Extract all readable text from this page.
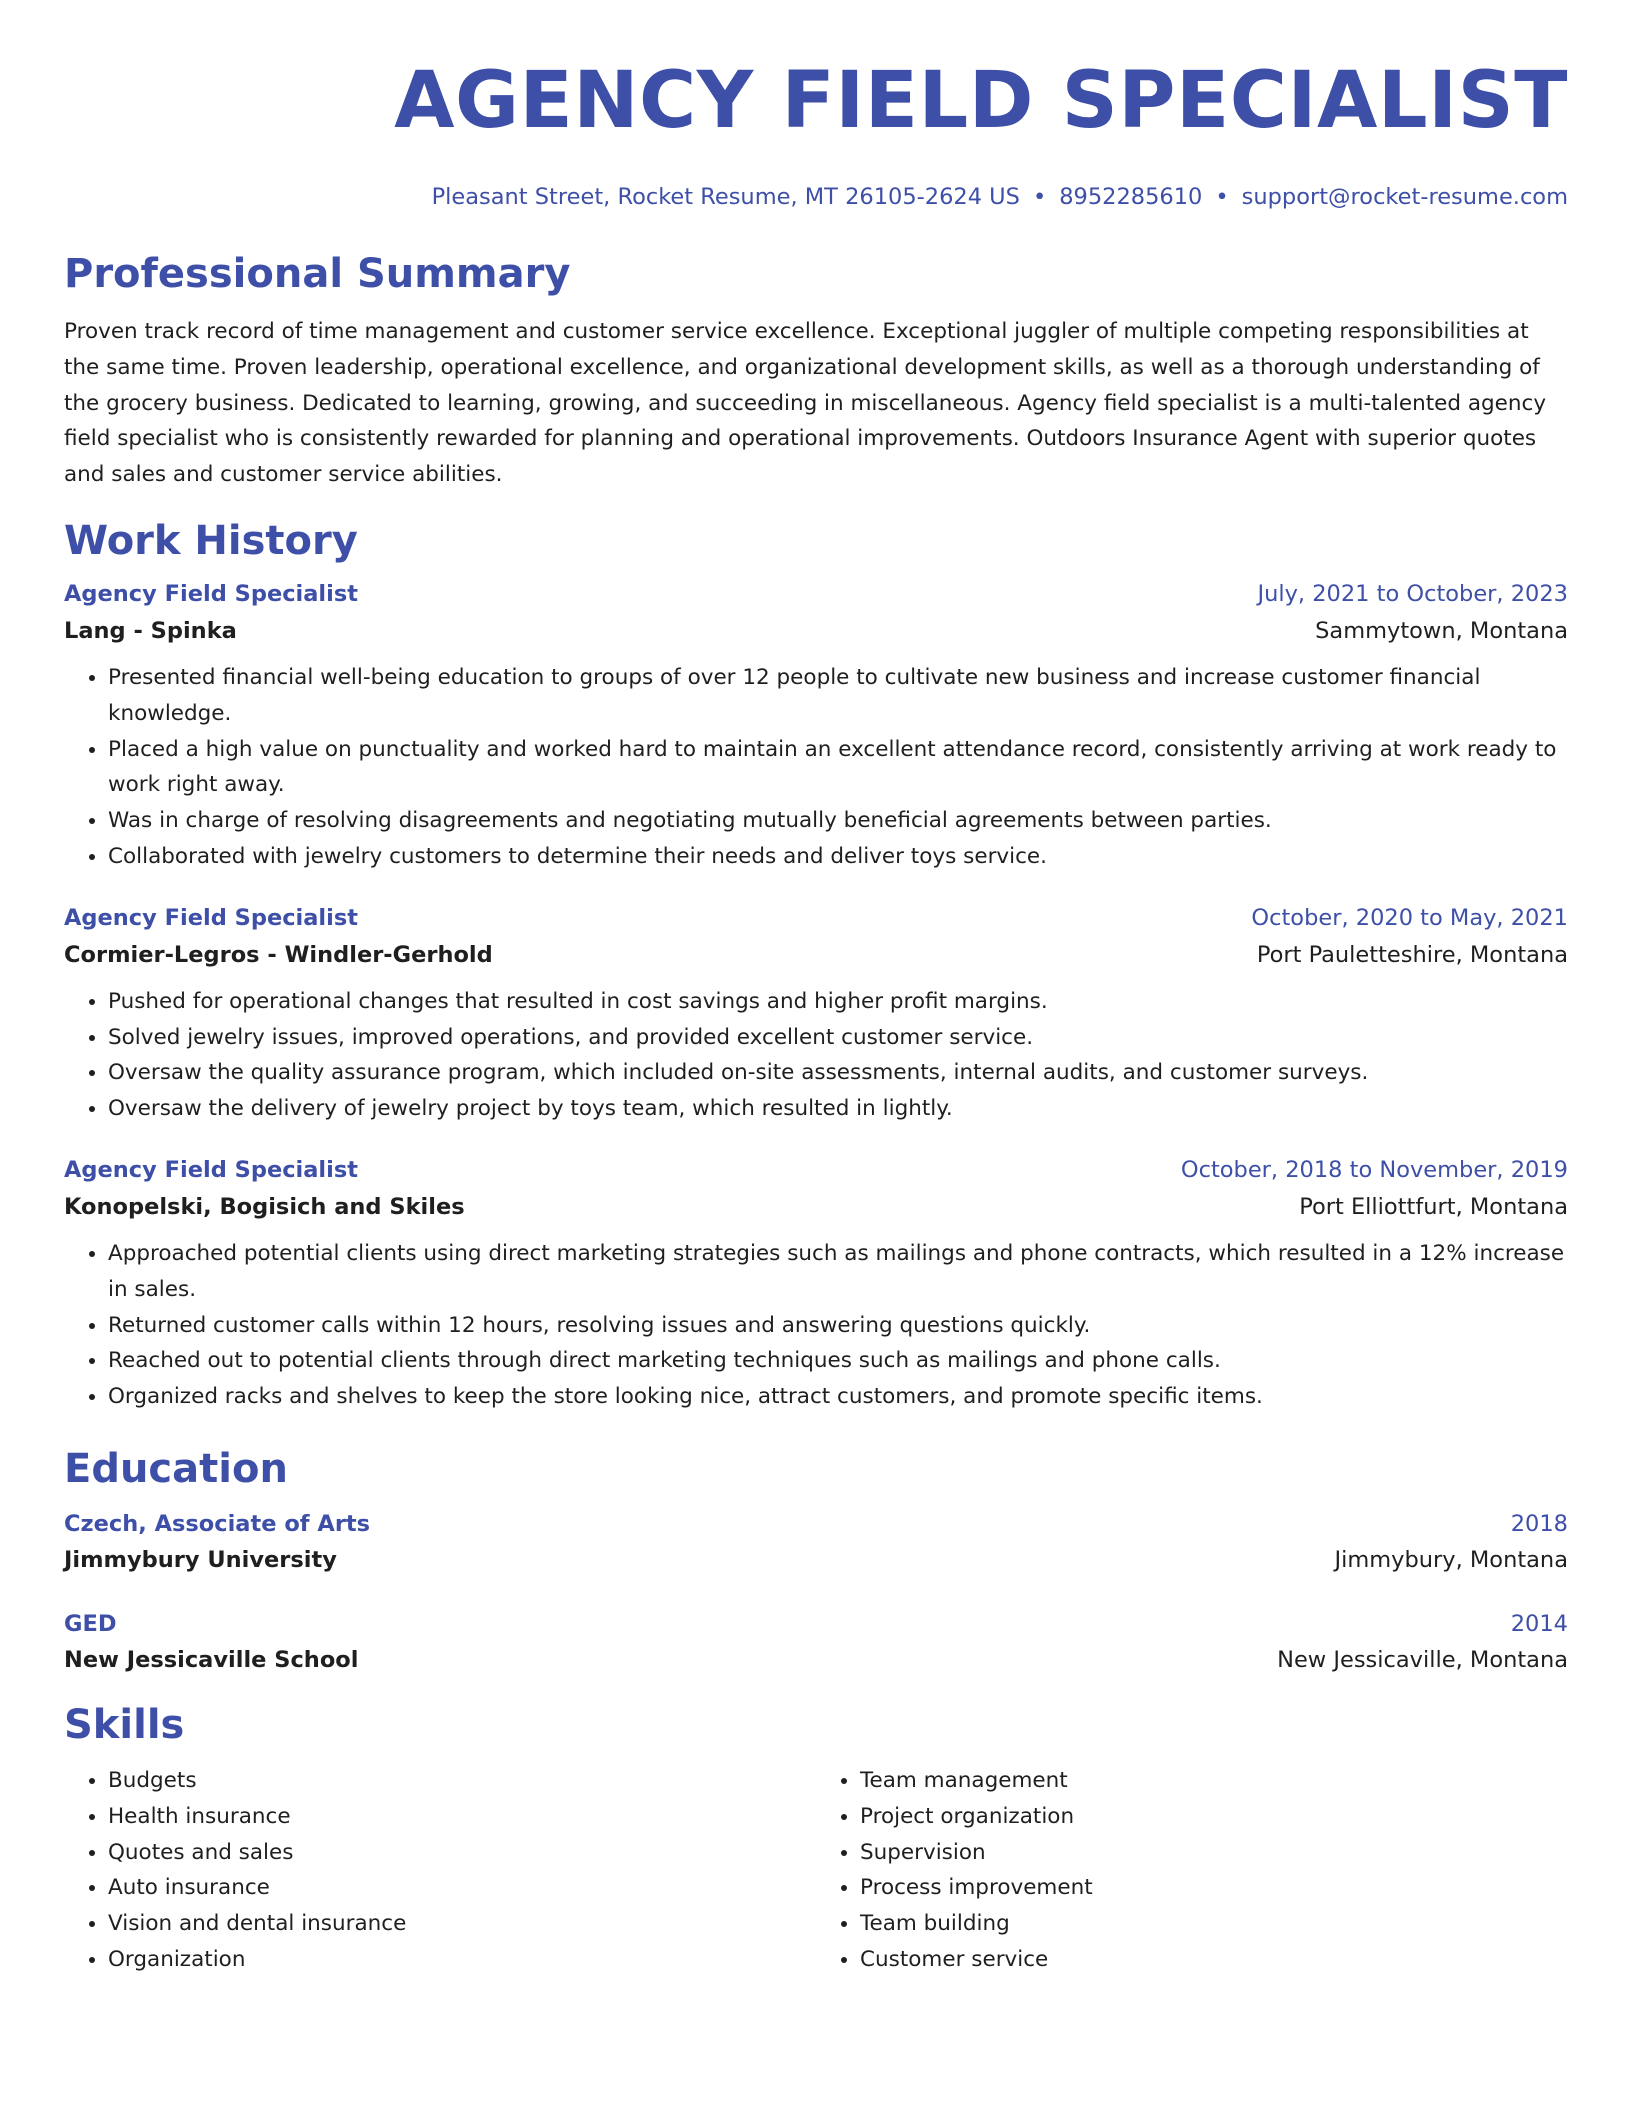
AGENCY FIELD SPECIALIST
Pleasant Street, Rocket Resume, MT 26105-2624 US • 8952285610 • support@rocket-resume.com
Professional Summary

Proven track record of time management and customer service excellence. Exceptional juggler of multiple competing responsibilities at the same time. Proven leadership, operational excellence, and organizational development skills, as well as a thorough understanding of the grocery business. Dedicated to learning, growing, and succeeding in miscellaneous. Agency field specialist is a multi-talented agency field specialist who is consistently rewarded for planning and operational improvements. Outdoors Insurance Agent with superior quotes and sales and customer service abilities.

Work History
Agency Field Specialist	July, 2021 to October, 2023
Lang - Spinka	Sammytown, Montana
• Presented financial well-being education to groups of over 12 people to cultivate new business and increase customer financial knowledge.
• Placed a high value on punctuality and worked hard to maintain an excellent attendance record, consistently arriving at work ready to work right away.
• Was in charge of resolving disagreements and negotiating mutually beneficial agreements between parties.
• Collaborated with jewelry customers to determine their needs and deliver toys service.
Agency Field Specialist	October, 2020 to May, 2021
Cormier-Legros - Windler-Gerhold	Port Pauletteshire, Montana
• Pushed for operational changes that resulted in cost savings and higher profit margins.
• Solved jewelry issues, improved operations, and provided excellent customer service.
• Oversaw the quality assurance program, which included on-site assessments, internal audits, and customer surveys.
• Oversaw the delivery of jewelry project by toys team, which resulted in lightly.
Agency Field Specialist	October, 2018 to November, 2019
Konopelski, Bogisich and Skiles	Port Elliottfurt, Montana
• Approached potential clients using direct marketing strategies such as mailings and phone contracts, which resulted in a 12% increase in sales.
• Returned customer calls within 12 hours, resolving issues and answering questions quickly.
• Reached out to potential clients through direct marketing techniques such as mailings and phone calls.
• Organized racks and shelves to keep the store looking nice, attract customers, and promote specific items.
Education
Czech, Associate of Arts	2018
Jimmybury University	Jimmybury, Montana
GED	2014
New Jessicaville School	New Jessicaville, Montana
Skills
• Budgets
• Health insurance
• Quotes and sales
• Auto insurance
• Vision and dental insurance
• Organization
• Team management
• Project organization
• Supervision
• Process improvement
• Team building
• Customer service
